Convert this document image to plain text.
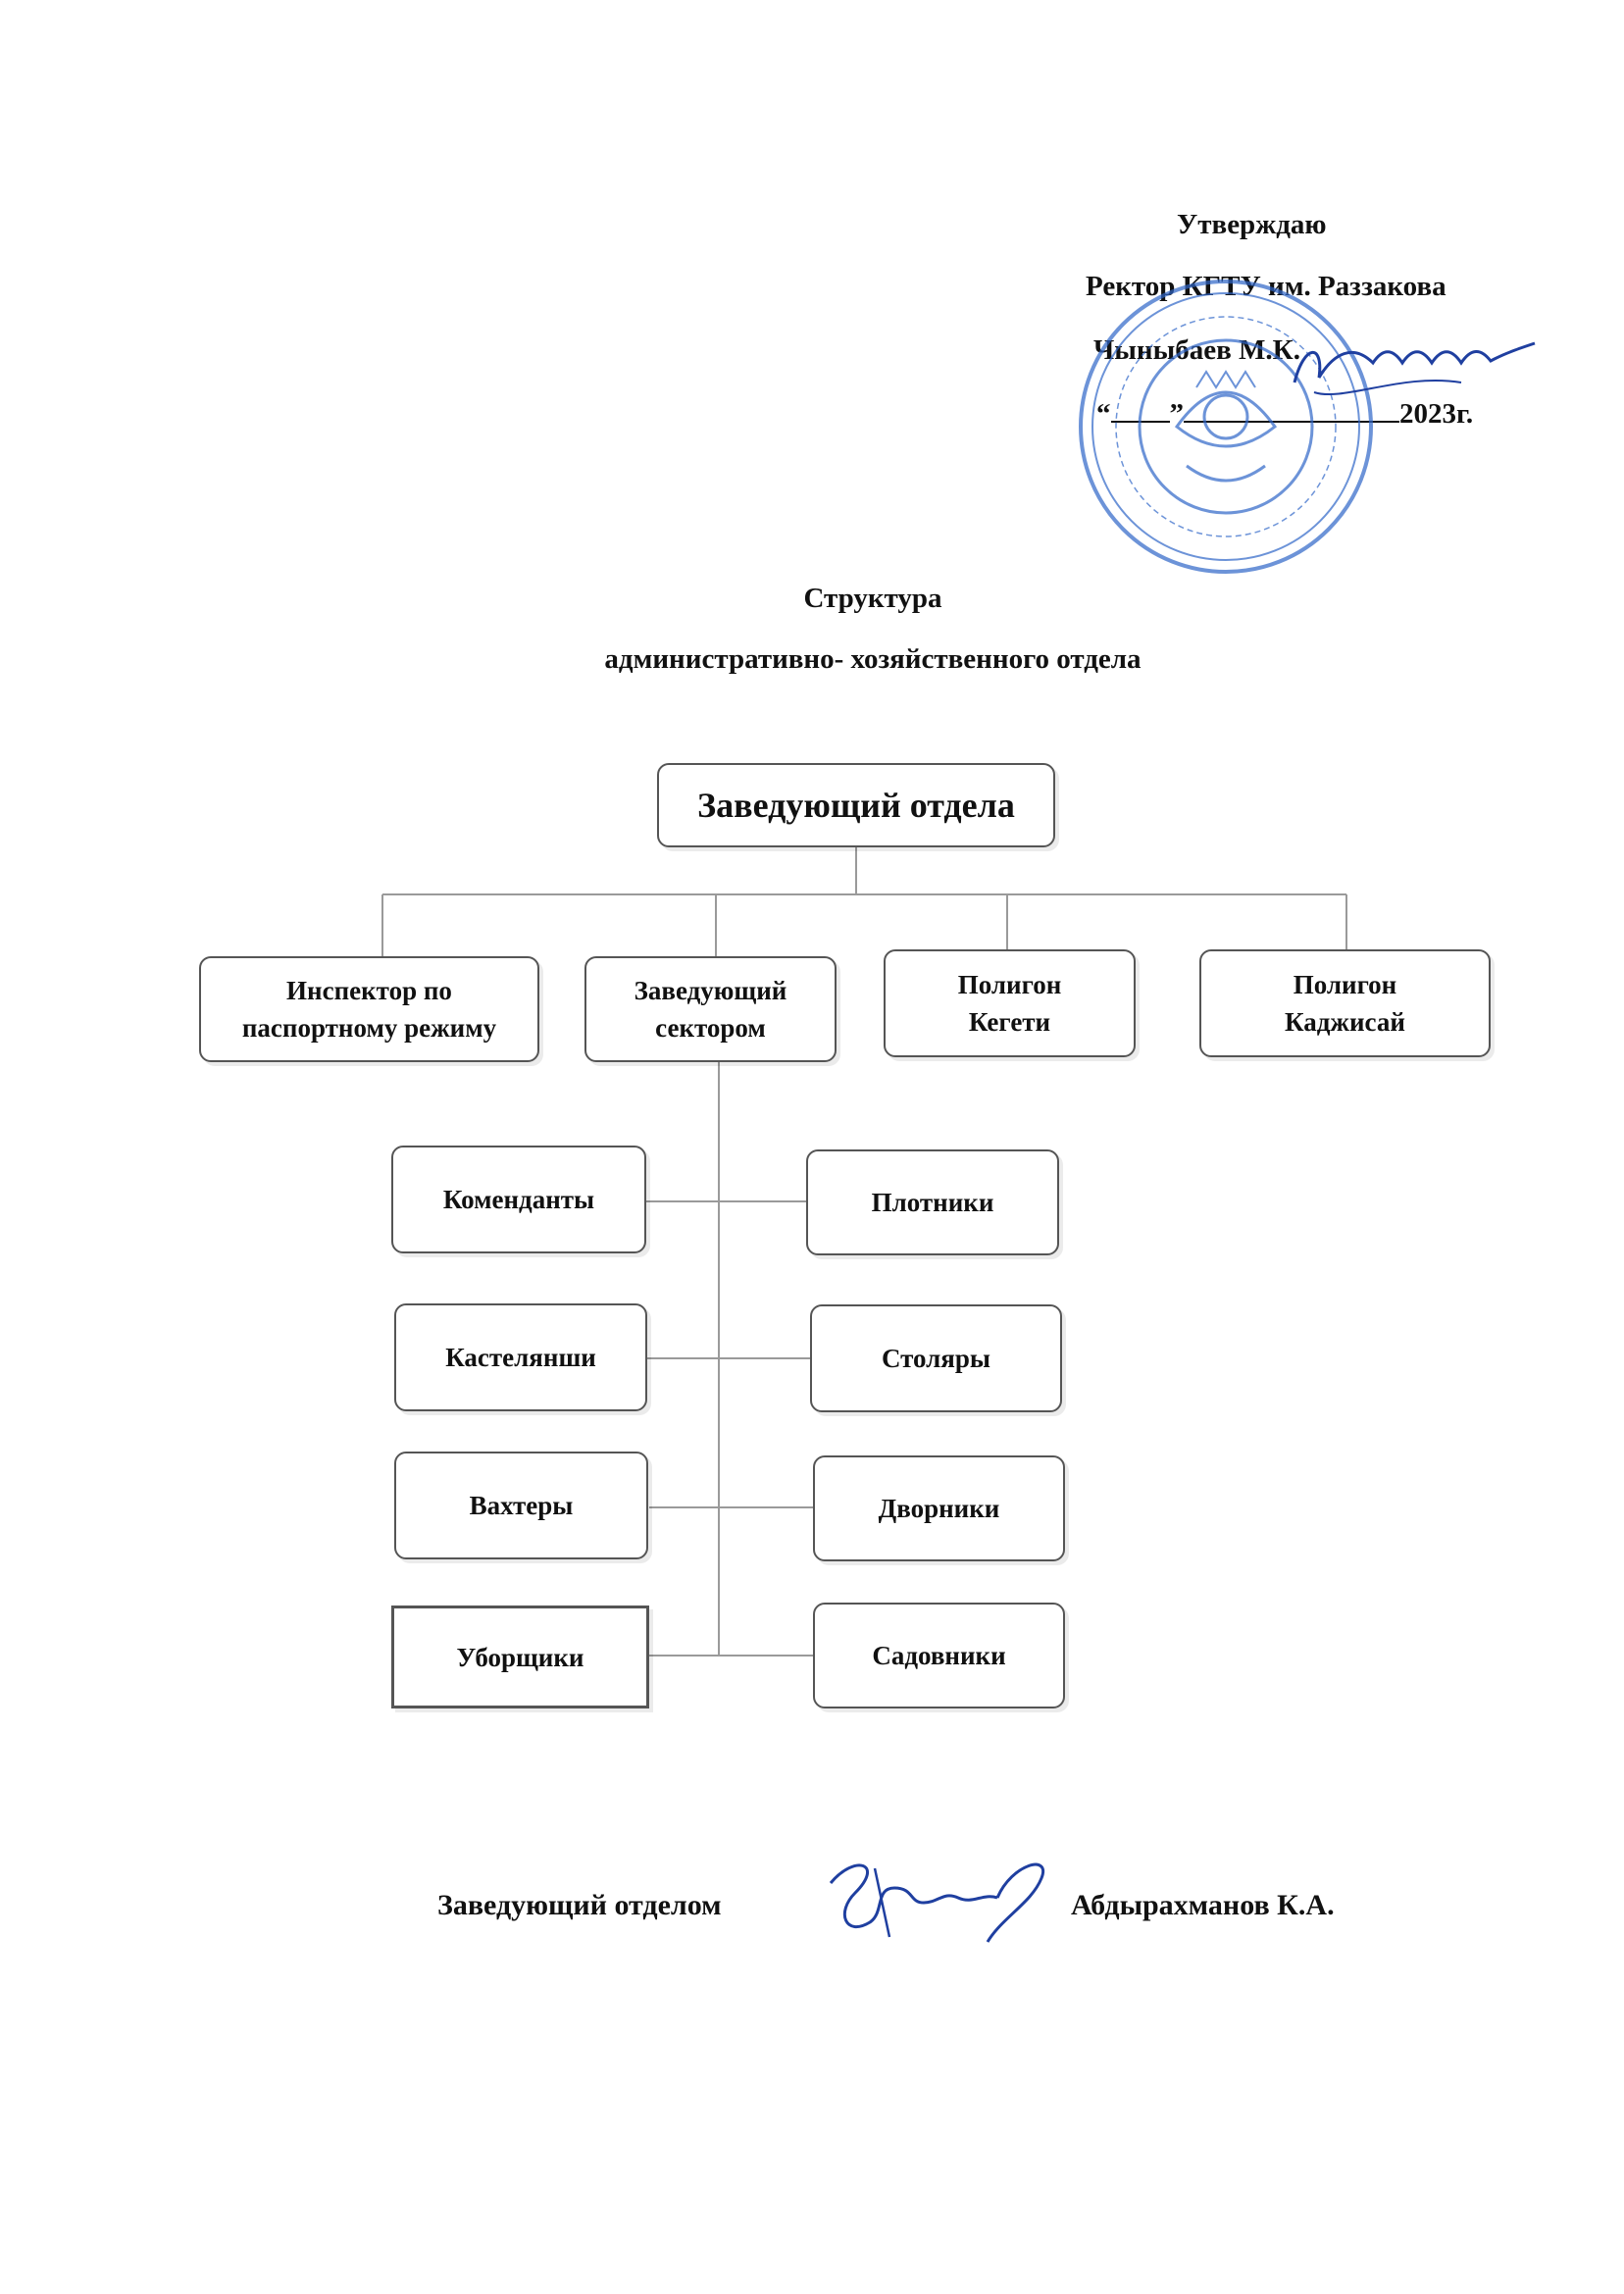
Утверждаю
Ректор КГТУ им. Раззакова
Чыныбаев М.К.
“ ”	2023г.
Структура
административно- хозяйственного отдела
Заведующий отдела
Инспектор по
паспортному режиму
Заведующий
сектором
Полигон
Кегети
Полигон
Каджисай
Коменданты
Кастелянши
Вахтеры
Уборщики
Плотники
Столяры
Дворники
Садовники
Заведующий отделом	Абдырахманов К.А.
